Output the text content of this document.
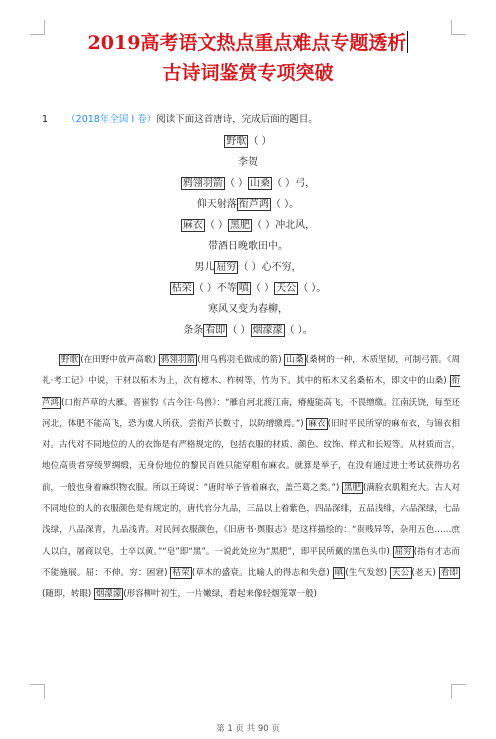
2019高考语文热点重点难点专题透析
古诗词鉴赏专项突破
1 （2018年全国 I 卷）阅读下面这首唐诗，完成后面的题目。
野歌 （ ）
李贺
鸦翎羽箭 （ ） 山桑 （ ）弓，
仰天射落 衔芦鸿 （ ）。
麻衣 （ ） 黑肥 （ ）冲北风，
带酒日晚歌田中。
男儿 屈穷 （ ）心不穷，
枯荣 （ ）不等 嗔 （ ） 天公 （ ）。
寒风又变为春柳，
条条 看即 （ ） 烟濛濛 （ ）。
野歌 (在田野中放声高歌) 鸦翎羽箭 (用乌鸦羽毛做成的箭) 山桑 (桑树的一种，木质坚韧，可制弓箭。《周礼·考工记》中说，干材以柘木为上，次有檍木、柞树等，竹为下。其中的柘木又名桑柘木，即文中的山桑) 衔芦鸿 (口衔芦草的大雁。晋崔豹《古今注·鸟兽》：“雁自河北渡江南，瘠瘦能高飞，不畏缯缴。江南沃饶，每至还河北，体肥不能高飞，恐为虞人所获，尝衔芦长数寸，以防缯缴焉。”) 麻衣 (旧时平民所穿的麻布衣，与锦衣相对。古代对不同地位的人的衣饰是有严格规定的，包括衣服的材质、颜色、纹饰、样式和长短等。从材质而言，地位高贵者穿绫罗绸缎，无身份地位的黎民百姓只能穿粗布麻衣。就算是举子，在没有通过进士考试获得功名前，一般也身着麻织物衣服。所以王琦说：“唐时举子皆着麻衣，盖苎葛之类。”) 黑肥 (满脸衣肌粗充大。古人对不同地位的人的衣服颜色是有规定的，唐代官分九品，三品以上着紫色，四品深绯，五品浅绯，六品深绿，七品浅绿，八品深青，九品浅青。对民间衣服颜色，《旧唐书·舆服志》是这样描绘的：“贵贱异等，杂用五色……庶人以白，屠商以皂，士卒以黄。”“皂”即“黑”。一说此处应为“黑肥”，即平民所戴的黑色头巾) 屈穷 (指有才志而不能施展。屈：不伸。穷：困窘) 枯荣 (草木的盛衰。比喻人的得志和失意) 嗔 (生气发怒) 天公 (老天) 看即(随即，转眼) 烟濛濛 (形容柳叶初生，一片嫩绿，看起来像轻烟笼罩一般)
第 1 页 共 90 页
